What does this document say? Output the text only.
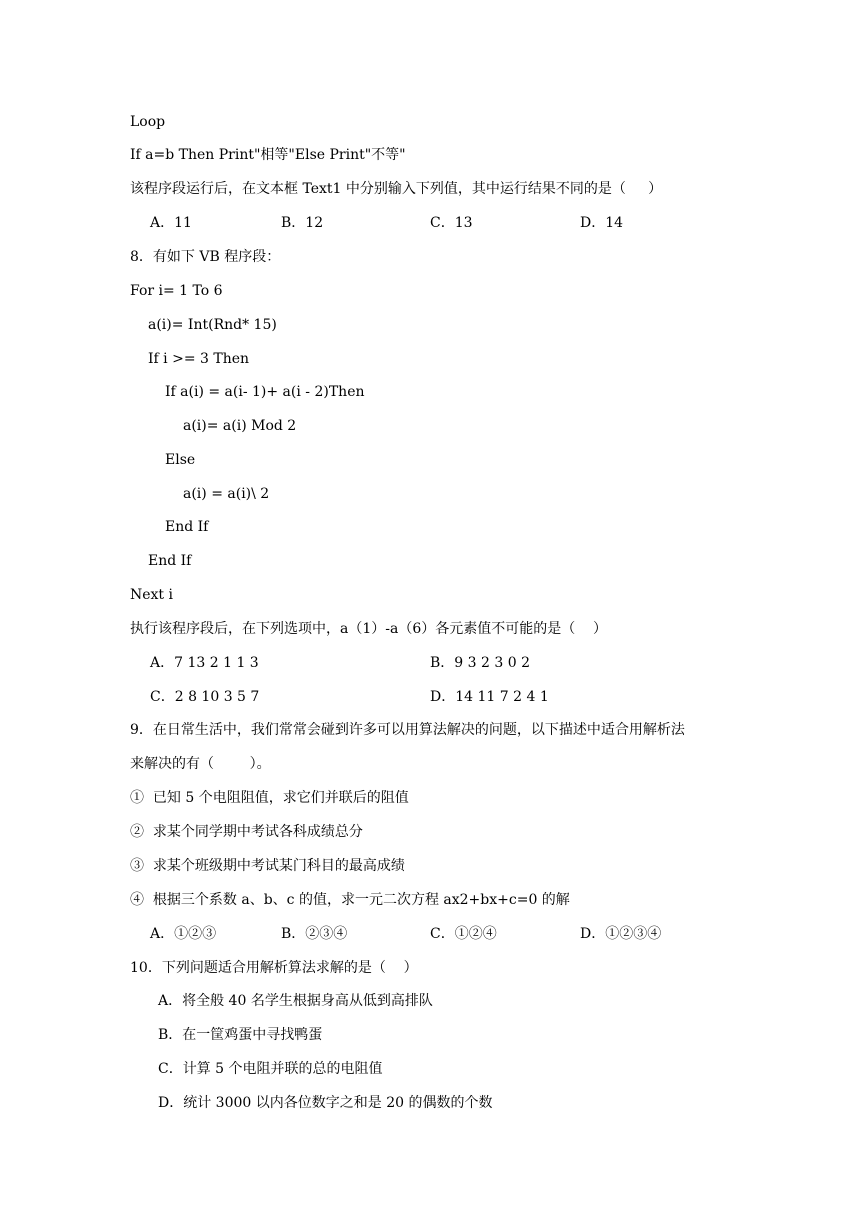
Loop
If a=b Then Print"相等"Else Print"不等"
该程序段运行后，在文本框 Text1 中分别输入下列值，其中运行结果不同的是（     ）
A．11	B．12	C．13	D．14
8．有如下 VB 程序段：
For i= 1 To 6
a(i)= Int(Rnd* 15)
If i >= 3 Then
If a(i) = a(i- 1)+ a(i - 2)Then
a(i)= a(i) Mod 2
Else
a(i) = a(i)\ 2
End If
End If
Next i
执行该程序段后，在下列选项中，a（1）-a（6）各元素值不可能的是（    ）
A．7 13 2 1 1 3	B．9 3 2 3 0 2
C．2 8 10 3 5 7	D．14 11 7 2 4 1
9．在日常生活中，我们常常会碰到许多可以用算法解决的问题，以下描述中适合用解析法
来解决的有（        ）。
①  已知 5 个电阻阻值，求它们并联后的阻值
②  求某个同学期中考试各科成绩总分
③  求某个班级期中考试某门科目的最高成绩
④  根据三个系数 a、b、c 的值，求一元二次方程 ax2+bx+c=0 的解
A．①②③	B．②③④	C．①②④	D．①②③④
10．下列问题适合用解析算法求解的是（    ）
A．将全般 40 名学生根据身高从低到高排队
B．在一筐鸡蛋中寻找鸭蛋
C．计算 5 个电阻并联的总的电阻值
D．统计 3000 以内各位数字之和是 20 的偶数的个数
